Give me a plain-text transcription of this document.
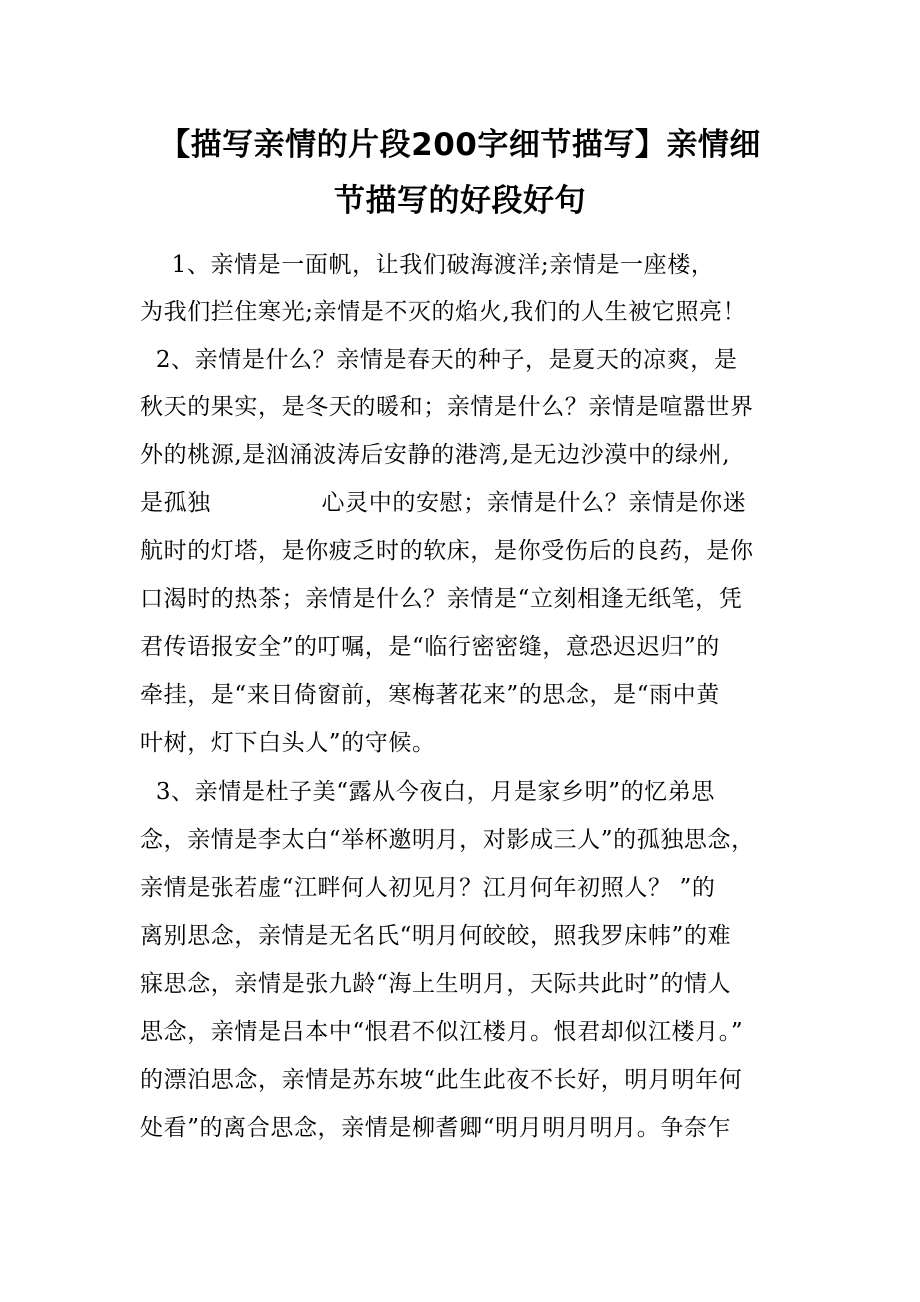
【描写亲情的片段200字细节描写】亲情细
节描写的好段好句
1、亲情是一面帆，让我们破海渡洋;亲情是一座楼，
为我们拦住寒光;亲情是不灭的焰火,我们的人生被它照亮！
2、亲情是什么？亲情是春天的种子，是夏天的凉爽，是
秋天的果实，是冬天的暖和；亲情是什么？亲情是喧嚣世界
外的桃源,是汹涌波涛后安静的港湾,是无边沙漠中的绿州,
是孤独              心灵中的安慰；亲情是什么？亲情是你迷
航时的灯塔，是你疲乏时的软床，是你受伤后的良药，是你
口渴时的热茶；亲情是什么？亲情是“立刻相逢无纸笔，凭
君传语报安全”的叮嘱，是“临行密密缝，意恐迟迟归”的
牵挂，是“来日倚窗前，寒梅著花来”的思念，是“雨中黄
叶树，灯下白头人”的守候。
3、亲情是杜子美“露从今夜白，月是家乡明”的忆弟思
念，亲情是李太白“举杯邀明月，对影成三人”的孤独思念，
亲情是张若虚“江畔何人初见月？江月何年初照人？ ”的
离别思念，亲情是无名氏“明月何皎皎，照我罗床帏”的难
寐思念，亲情是张九龄“海上生明月，天际共此时”的情人
思念，亲情是吕本中“恨君不似江楼月。恨君却似江楼月。”
的漂泊思念，亲情是苏东坡“此生此夜不长好，明月明年何
处看”的离合思念，亲情是柳耆卿“明月明月明月。争奈乍
